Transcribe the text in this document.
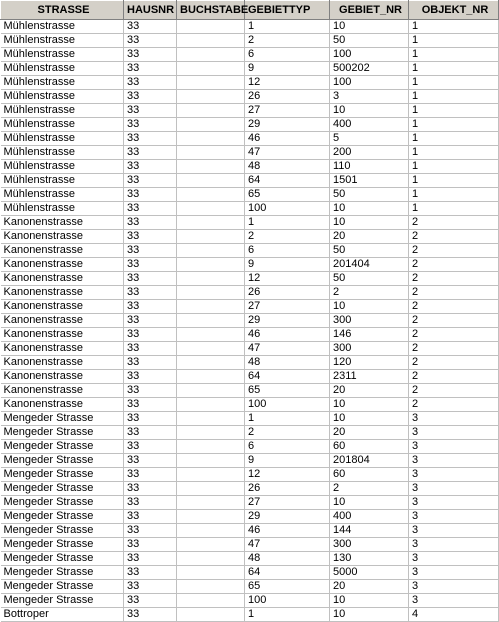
STRASSE	HAUSNR	BUCHSTABE	GEBIETTYP	GEBIET_NR	OBJEKT_NR
Mühlenstrasse	33		1	10	1
Mühlenstrasse	33		2	50	1
Mühlenstrasse	33		6	100	1
Mühlenstrasse	33		9	500202	1
Mühlenstrasse	33		12	100	1
Mühlenstrasse	33		26	3	1
Mühlenstrasse	33		27	10	1
Mühlenstrasse	33		29	400	1
Mühlenstrasse	33		46	5	1
Mühlenstrasse	33		47	200	1
Mühlenstrasse	33		48	110	1
Mühlenstrasse	33		64	1501	1
Mühlenstrasse	33		65	50	1
Mühlenstrasse	33		100	10	1
Kanonenstrasse	33		1	10	2
Kanonenstrasse	33		2	20	2
Kanonenstrasse	33		6	50	2
Kanonenstrasse	33		9	201404	2
Kanonenstrasse	33		12	50	2
Kanonenstrasse	33		26	2	2
Kanonenstrasse	33		27	10	2
Kanonenstrasse	33		29	300	2
Kanonenstrasse	33		46	146	2
Kanonenstrasse	33		47	300	2
Kanonenstrasse	33		48	120	2
Kanonenstrasse	33		64	2311	2
Kanonenstrasse	33		65	20	2
Kanonenstrasse	33		100	10	2
Mengeder Strasse	33		1	10	3
Mengeder Strasse	33		2	20	3
Mengeder Strasse	33		6	60	3
Mengeder Strasse	33		9	201804	3
Mengeder Strasse	33		12	60	3
Mengeder Strasse	33		26	2	3
Mengeder Strasse	33		27	10	3
Mengeder Strasse	33		29	400	3
Mengeder Strasse	33		46	144	3
Mengeder Strasse	33		47	300	3
Mengeder Strasse	33		48	130	3
Mengeder Strasse	33		64	5000	3
Mengeder Strasse	33		65	20	3
Mengeder Strasse	33		100	10	3
Bottroper	33		1	10	4
